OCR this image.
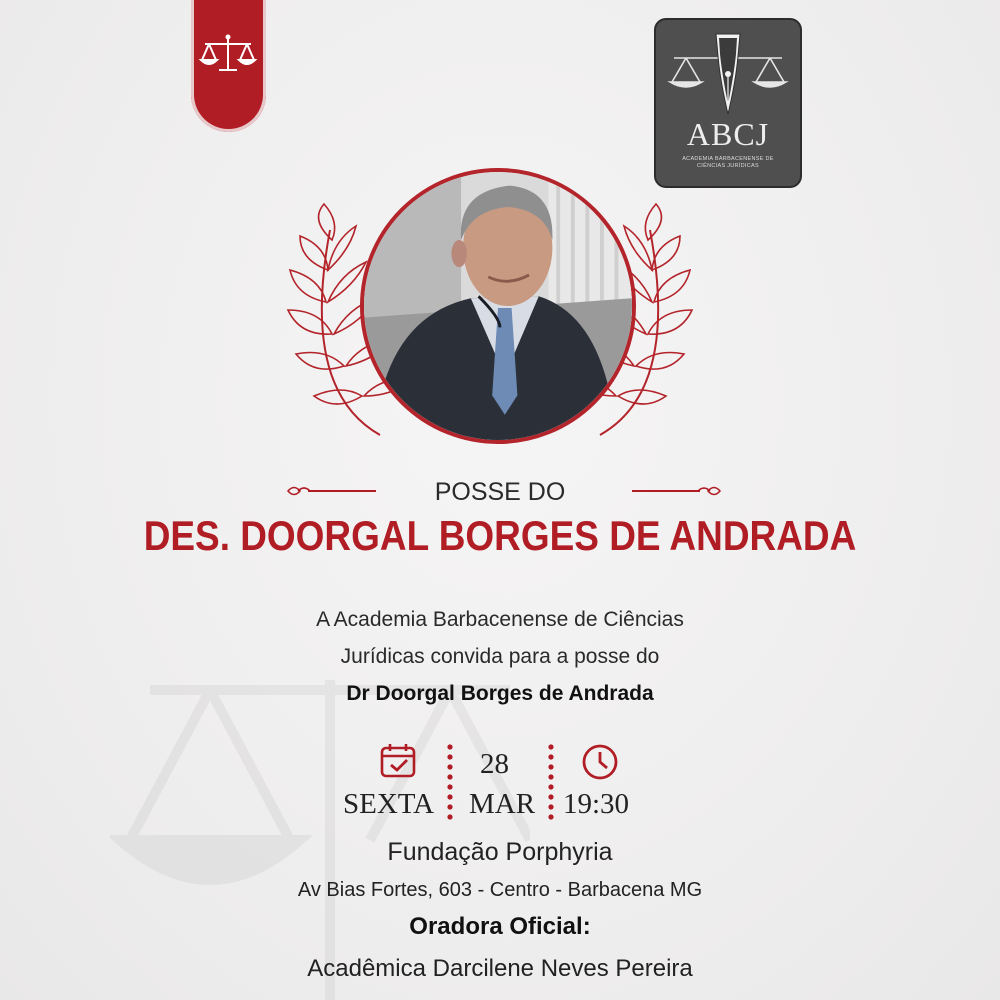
ABCJ
ACADEMIA BARBACENENSE DE CIÊNCIAS JURÍDICAS
POSSE DO
DES. DOORGAL BORGES DE ANDRADA
A Academia Barbacenense de Ciências
Jurídicas convida para a posse do
Dr Doorgal Borges de Andrada
28
SEXTA MAR 19:30
Fundação Porphyria
Av Bias Fortes, 603 - Centro - Barbacena MG
Oradora Oficial:
Acadêmica Darcilene Neves Pereira
